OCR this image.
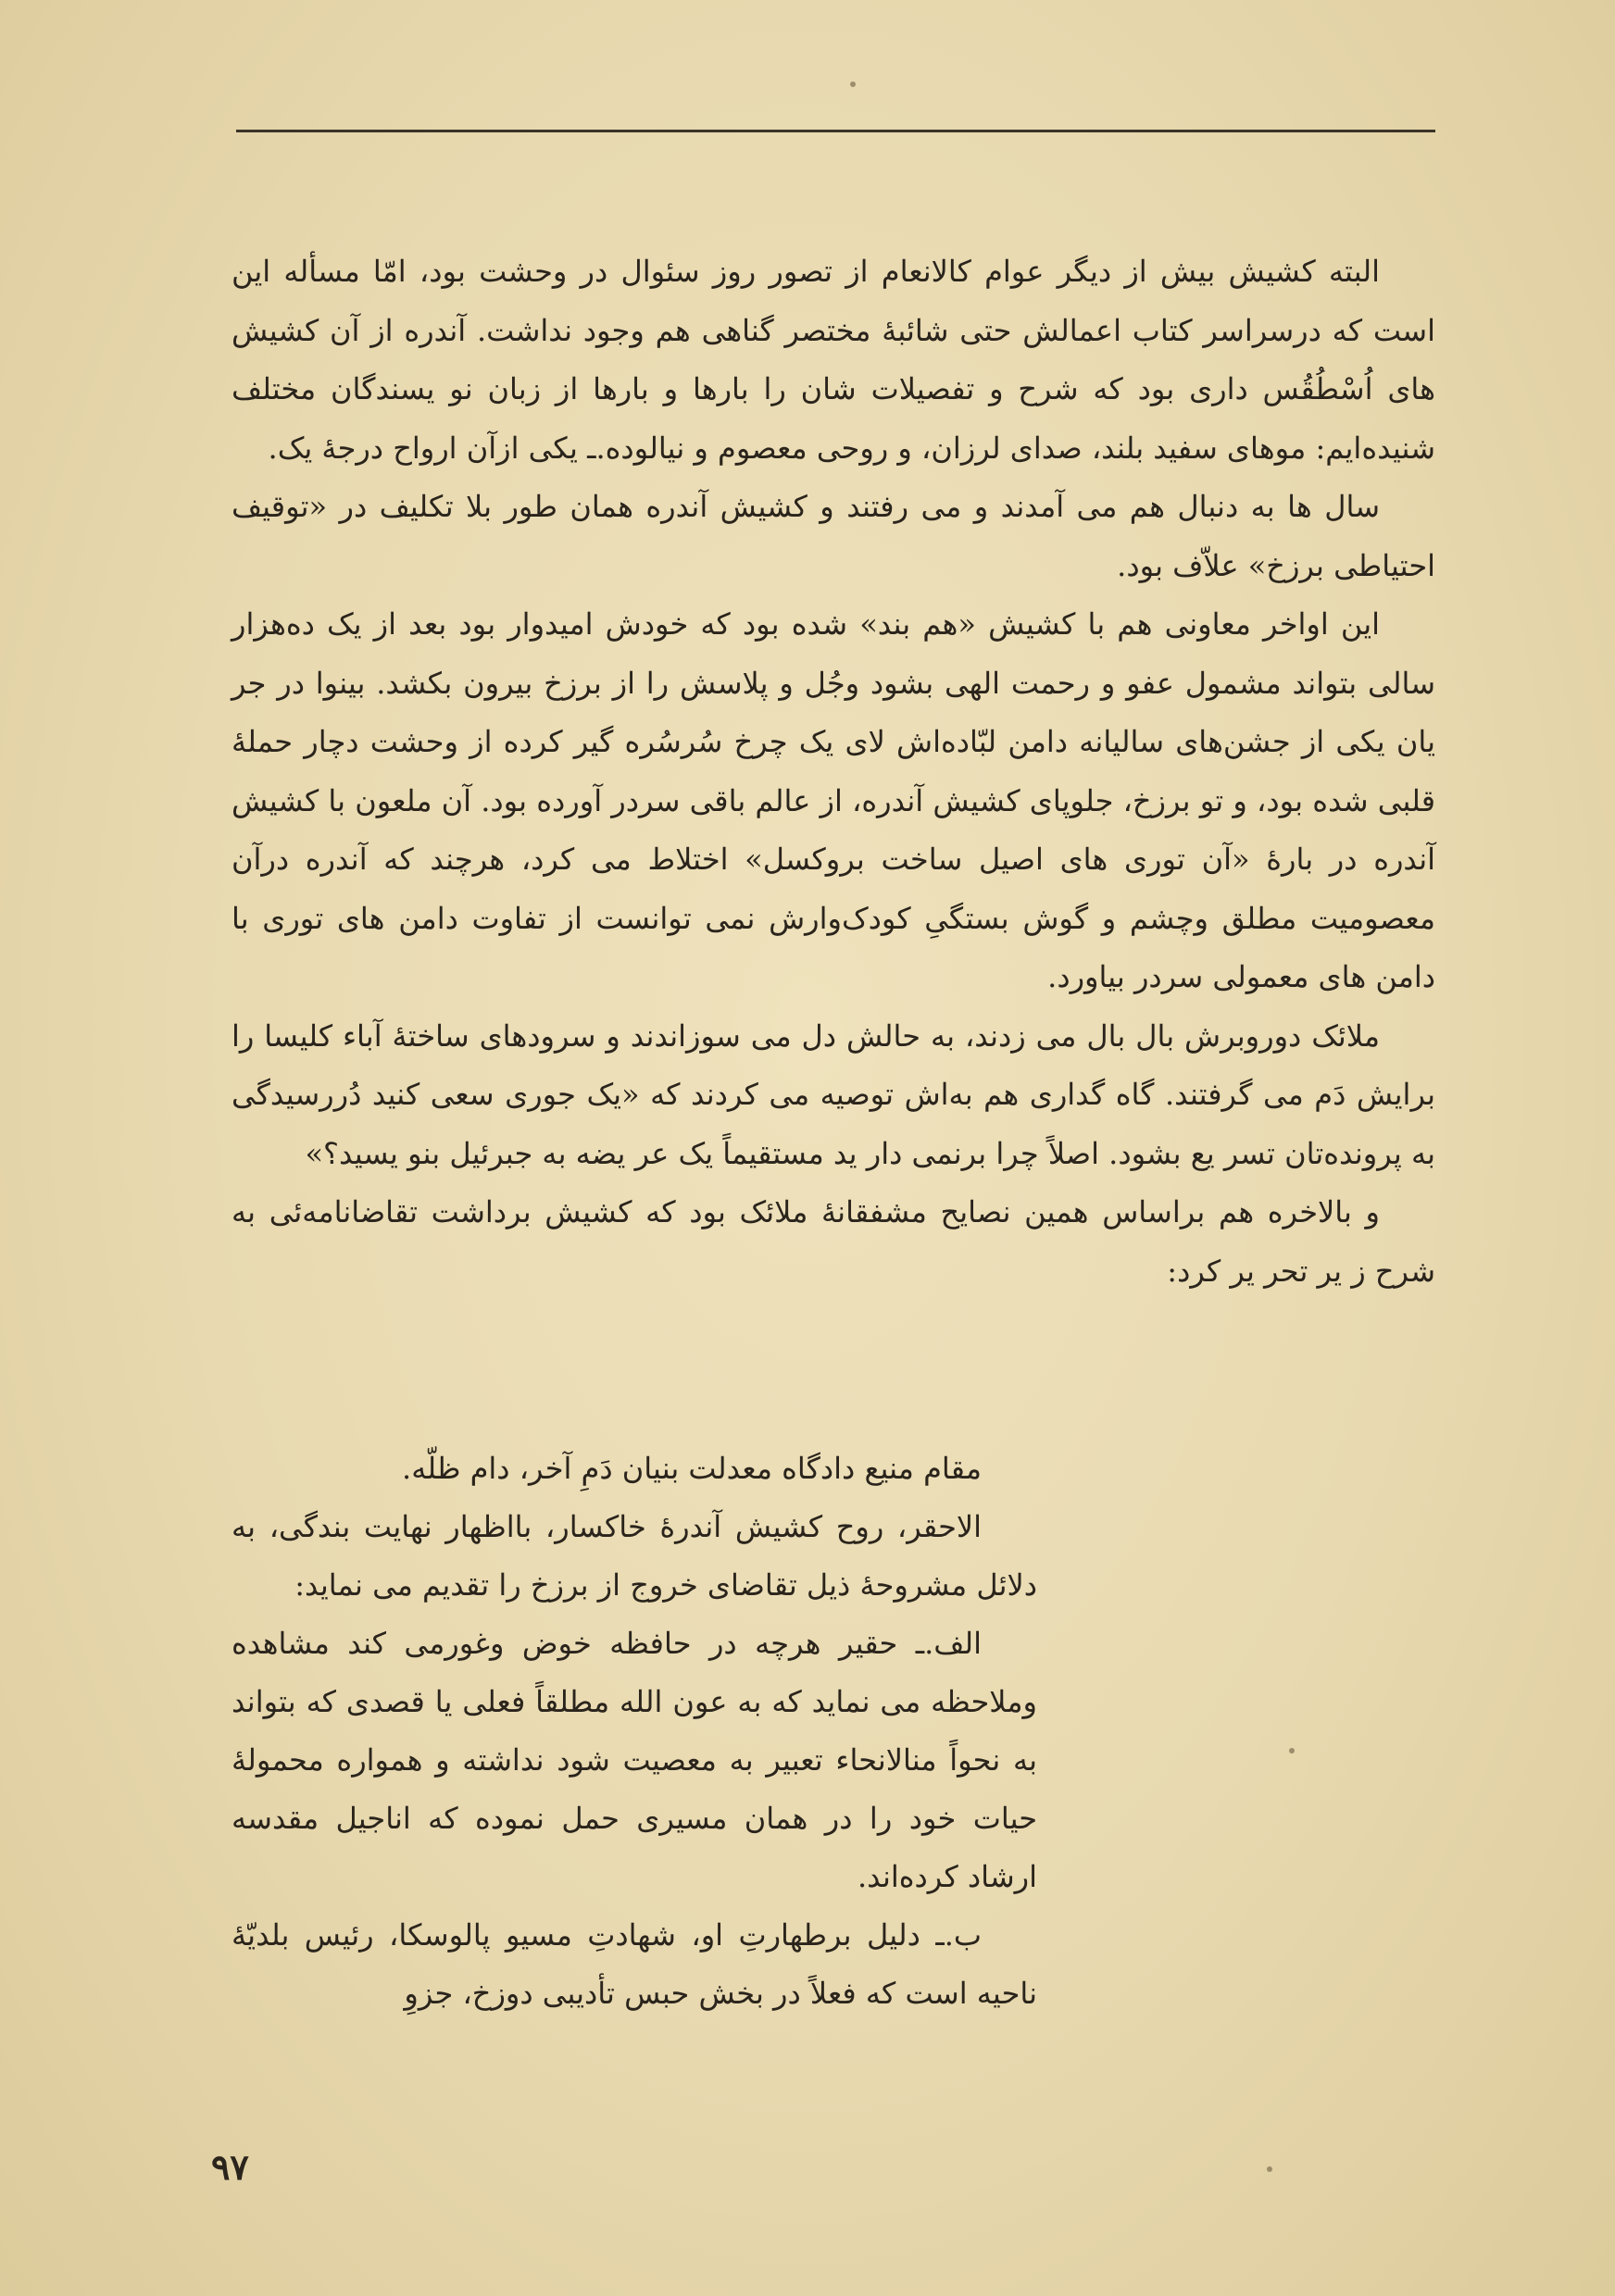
البته کشیش بیش از دیگر عوام کالانعام از تصور روز سئوال در وحشت بود، امّا مسأله این است که درسراسر کتاب اعمالش حتی شائبهٔ مختصر گناهی هم وجود نداشت. آندره از آن کشیش های اُسْطُقُس داری بود که شرح و تفصیلات شان را بارها و بارها از زبان نو یسندگان مختلف شنیده‌ایم: موهای سفید بلند، صدای لرزان، و روحی معصوم و نیالوده.ـ یکی ازآن ارواح درجهٔ یک.

سال ها به دنبال هم می آمدند و می رفتند و کشیش آندره همان طور بلا تکلیف در «توقیف احتیاطی برزخ» علاّف بود.

این اواخر معاونی هم با کشیش «هم بند» شده بود که خودش امیدوار بود بعد از یک ده‌هزار سالی بتواند مشمول عفو و رحمت الهی بشود وجُل و پلاسش را از برزخ بیرون بکشد. بینوا در جر یان یکی از جشن‌های سالیانه دامن لبّاده‌اش لای یک چرخ سُرسُره گیر کرده از وحشت دچار حملهٔ قلبی شده بود، و تو برزخ، جلوپای کشیش آندره، از عالم باقی سردر آورده بود. آن ملعون با کشیش آندره در بارهٔ «آن توری های اصیل ساخت بروکسل» اختلاط می کرد، هرچند که آندره درآن معصومیت مطلق وچشم و گوش بستگیِ کودک‌وارش نمی توانست از تفاوت دامن های توری با دامن های معمولی سردر بیاورد.

ملائک دوروبرش بال بال می زدند، به حالش دل می سوزاندند و سرودهای ساختهٔ آباء کلیسا را برایش دَم می گرفتند. گاه گداری هم به‌اش توصیه می کردند که «یک جوری سعی کنید دُررسیدگی به پرونده‌تان تسر یع بشود. اصلاً چرا برنمی دار ید مستقیماً یک عر یضه به جبرئیل بنو یسید؟»

و بالاخره هم براساس همین نصایح مشفقانهٔ ملائک بود که کشیش برداشت تقاضانامه‌ئی به شرح ز یر تحر یر کرد:

مقام منیع دادگاه معدلت بنیان دَمِ آخر، دام ظلّه.

الاحقر، روح کشیش آندرهٔ خاکسار، بااظهار نهایت بندگی، به دلائل مشروحهٔ ذیل تقاضای خروج از برزخ را تقدیم می نماید:

الف.ـ حقیر هرچه در حافظه خوض وغورمی کند مشاهده وملاحظه می نماید که به عون الله مطلقاً فعلی یا قصدی که بتواند به نحواً منالانحاء تعبیر به معصیت شود نداشته و همواره محمولهٔ حیات خود را در همان مسیری حمل نموده که اناجیل مقدسه ارشاد کرده‌اند.

ب.ـ دلیل برطهارتِ او، شهادتِ مسیو پالوسکا، رئیس بلدیّهٔ ناحیه است که فعلاً در بخش حبس تأدیبی دوزخ، جزوِ

۹۷
